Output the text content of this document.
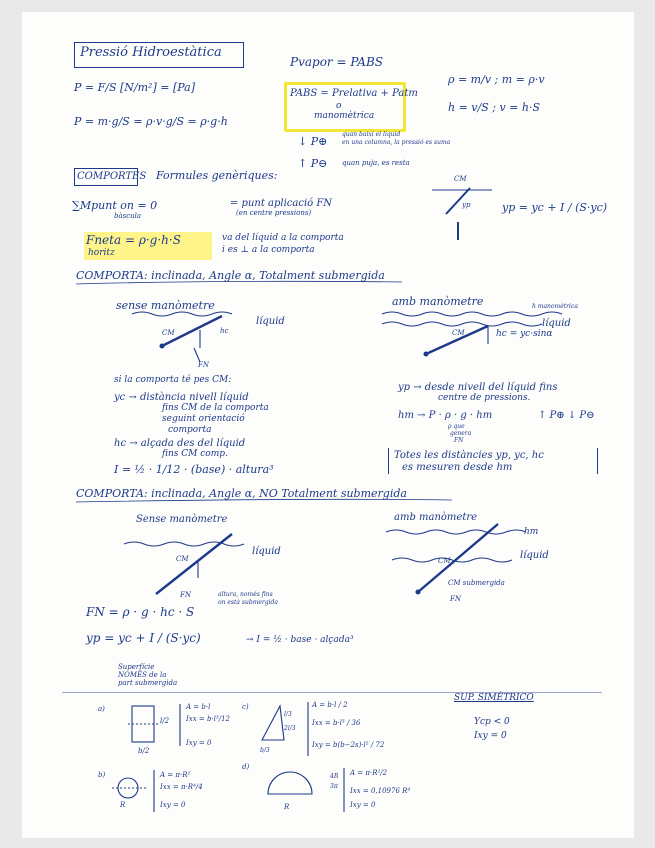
Pressió Hidroestàtica
P = F/S [N/m²] = [Pa]
P = m·g/S = ρ·v·g/S = ρ·g·h
Pvapor = PABS
PABS = Prelativa + Patm
o
manomètrica
ρ = m/v ; m = ρ·v
h = v/S ; v = h·S
↓ P⊕
quan baixi el líquid
en una columna, la pressió es suma
↑ P⊖ quan puja, es resta
COMPORTES Formules genèriques:
∑Mpunt on = 0
bàscula
= punt aplicació FN
(en centre pressions)
CM
yp	yp = yc + I / (S·yc)
Fneta = ρ·g·h·S
horitz
va del líquid a la comporta
i es ⊥ a la comporta
COMPORTA: inclinada, Angle α, Totalment submergida
sense manòmetre	amb manòmetre	h manomètrica
líquid	líquid
CM	hc = yc·sinα
CM	hc
FN
si la comporta té pes CM:
yc → distància nivell líquid
fins CM de la comporta
seguint orientació
comporta
hc → alçada des del líquid
fins CM comp.
I = ½ · 1/12 · (base) · altura³
yp → desde nivell del líquid fins
centre de pressions.
hm → P · ρ · g · hm	↑ P⊕ ↓ P⊖
ρ que
genera
FN
Totes les distàncies yp, yc, hc
es mesuren desde hm
COMPORTA: inclinada, Angle α, NO Totalment submergida
Sense manòmetre	amb manòmetre
hm
líquid	líquid
CM
FN
CM
CM submergida
FN
altura, només fins
on està submergida
FN = ρ · g · hc · S
yp = yc + I / (S·yc)	→ I = ½ · base · alçada³
Superfície
NOMÉS de la
part submergida
SUP. SIMÈTRICO
Ycp < 0
Ixy = 0
a)
l/2
b/2
A = b·l
Ixx = b·l³/12
Ixy = 0
c)
l/3
2l/3
b/3
A = b·l / 2
Ixx = b·l³ / 36
Ixy = b(b−2s)·l² / 72
b)
R
A = π·R²
Ixx = π·R⁴/4
Ixy = 0
d)
4R
3π
R
A = π·R²/2
Ixx = 0,10976 R⁴
Ixy = 0
